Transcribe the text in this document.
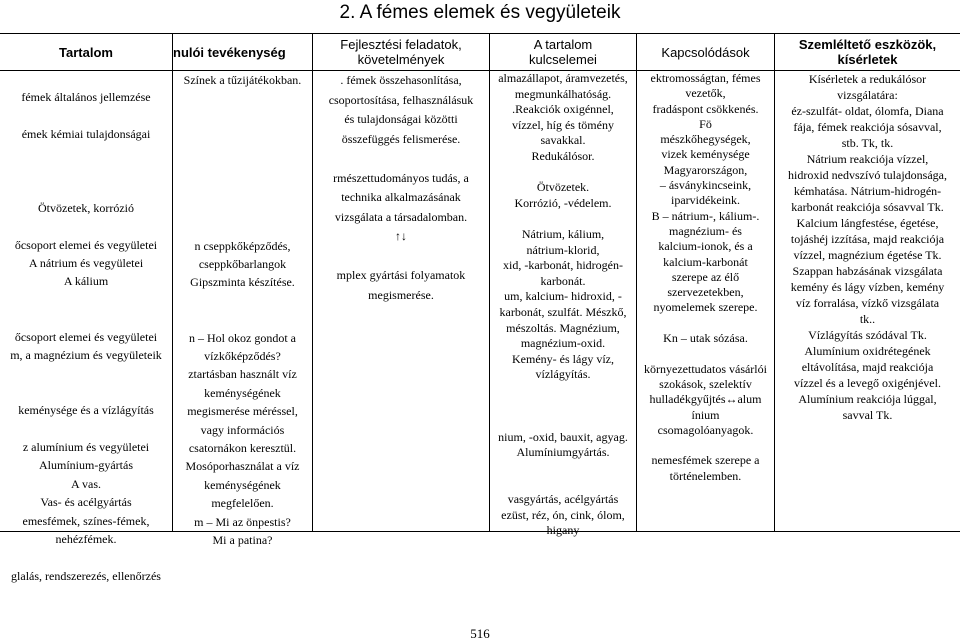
2. A fémes elemek és vegyületeik
Tartalom	nulói tevékenység
Fejlesztési feladatok,
követelmények
A tartalom
kulcselemei	Kapcsolódások
Szemléltető eszközök,
kísérletek
fémek általános jellemzése
émek kémiai tulajdonságai
Ötvözetek, korrózió
őcsoport elemei és vegyületei
A nátrium és vegyületei
A kálium
őcsoport elemei és vegyületei
m, a magnézium és vegyületeik
keménysége és a vízlágyítás
z alumínium és vegyületei
Alumínium-gyártás
A vas.
Vas- és acélgyártás
emesfémek, színes-fémek,
nehézfémek.
glalás, rendszerezés, ellenőrzés
Színek a tűzijátékokban.
n cseppkőképződés,
cseppkőbarlangok
Gipszminta készítése.
n – Hol okoz gondot a
vízkőképződés?
ztartásban használt víz
keménységének
megismerése méréssel,
vagy információs
csatornákon keresztül.
Mosóporhasználat a víz
keménységének
megfelelően.
m – Mi az önpestis?
Mi a patina?
. fémek összehasonlítása,
csoportosítása, felhasználásuk
és tulajdonságai közötti
összefüggés felismerése.
rmészettudományos tudás, a
technika alkalmazásának
vizsgálata a társadalomban.
↑↓
mplex gyártási folyamatok
megismerése.
almazállapot, áramvezetés,
megmunkálhatóság.
.Reakciók oxigénnel,
vízzel, híg és tömény
savakkal.
Redukálósor.
Ötvözetek.
Korrózió, -védelem.
Nátrium, kálium,
nátrium-klorid,
xid, -karbonát, hidrogén-
karbonát.
um, kalcium- hidroxid, -
karbonát, szulfát. Mészkő,
mészoltás. Magnézium,
magnézium-oxid.
Kemény- és lágy víz,
vízlágyítás.
nium, -oxid, bauxit, agyag.
Alumíniumgyártás.
vasgyártás, acélgyártás
ezüst, réz, ón, cink, ólom,
higany
ektromosságtan, fémes
vezetők,
fradáspont csökkenés.
Fö
mészkőhegységek,
vizek keménysége
Magyarországon,
– ásványkincseink,
iparvidékeink.
B – nátrium-, kálium-.
magnézium- és
kalcium-ionok, és a
kalcium-karbonát
szerepe az élő
szervezetekben,
nyomelemek szerepe.
Kn – utak sózása.
környezettudatos vásárlói
szokások, szelektív
hulladékgyűjtés↔alum
ínium
csomagolóanyagok.
nemesfémek szerepe a
történelemben.
Kísérletek a redukálósor
vizsgálatára:
éz-szulfát- oldat, ólomfa, Diana
fája, fémek reakciója sósavval,
stb. Tk, tk.
Nátrium reakciója vízzel,
hidroxid nedvszívó tulajdonsága,
kémhatása. Nátrium-hidrogén-
karbonát reakciója sósavval Tk.
Kalcium lángfestése, égetése,
tojáshéj izzítása, majd reakciója
vízzel, magnézium égetése Tk.
Szappan habzásának vizsgálata
kemény és lágy vízben, kemény
víz forralása, vízkő vizsgálata
tk..
Vízlágyítás szódával Tk.
Alumínium oxidrétegének
eltávolítása, majd reakciója
vízzel és a levegő oxigénjével.
Alumínium reakciója lúggal,
savval Tk.
516
